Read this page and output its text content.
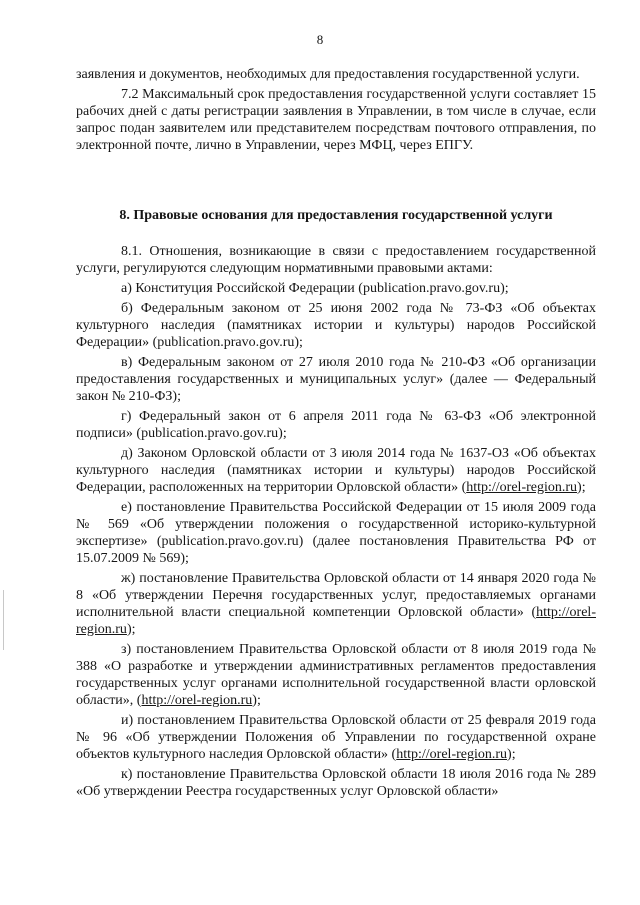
8

заявления и документов, необходимых для предоставления государственной услуги.

7.2 Максимальный срок предоставления государственной услуги составляет 15 рабочих дней с даты регистрации заявления в Управлении, в том числе в случае, если запрос подан заявителем или представителем посредствам почтового отправления, по электронной почте, лично в Управлении, через МФЦ, через ЕПГУ.

8. Правовые основания для предоставления государственной услуги

8.1. Отношения, возникающие в связи с предоставлением государственной услуги, регулируются следующим нормативными правовыми актами:

а) Конституция Российской Федерации (publication.pravo.gov.ru);

б) Федеральным законом от 25 июня 2002 года № 73-ФЗ «Об объектах культурного наследия (памятниках истории и культуры) народов Российской Федерации» (publication.pravo.gov.ru);

в) Федеральным законом от 27 июля 2010 года № 210-ФЗ «Об организации предоставления государственных и муниципальных услуг» (далее — Федеральный закон № 210-ФЗ);

г) Федеральный закон от 6 апреля 2011 года № 63-ФЗ «Об электронной подписи» (publication.pravo.gov.ru);

д) Законом Орловской области от 3 июля 2014 года № 1637-ОЗ «Об объектах культурного наследия (памятниках истории и культуры) народов Российской Федерации, расположенных на территории Орловской области» (http://orel-region.ru);

е) постановление Правительства Российской Федерации от 15 июля 2009 года № 569 «Об утверждении положения о государственной историко-культурной экспертизе» (publication.pravo.gov.ru) (далее постановления Правительства РФ от 15.07.2009 № 569);

ж) постановление Правительства Орловской области от 14 января 2020 года № 8 «Об утверждении Перечня государственных услуг, предоставляемых органами исполнительной власти специальной компетенции Орловской области» (http://orel-region.ru);

з) постановлением Правительства Орловской области от 8 июля 2019 года № 388 «О разработке и утверждении административных регламентов предоставления государственных услуг органами исполнительной государственной власти орловской области», (http://orel-region.ru);

и) постановлением Правительства Орловской области от 25 февраля 2019 года № 96 «Об утверждении Положения об Управлении по государственной охране объектов культурного наследия Орловской области» (http://orel-region.ru);

к) постановление Правительства Орловской области 18 июля 2016 года № 289 «Об утверждении Реестра государственных услуг Орловской области»
